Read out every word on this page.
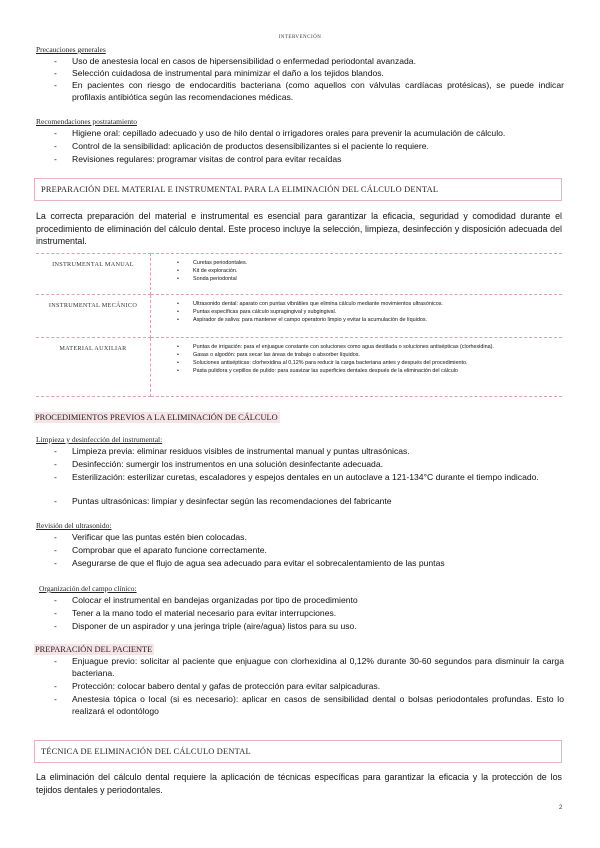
INTERVENCIÓN
Precauciones generales
-	Uso de anestesia local en casos de hipersensibilidad o enfermedad periodontal avanzada.
-	Selección cuidadosa de instrumental para minimizar el daño a los tejidos blandos.
-	En pacientes con riesgo de endocarditis bacteriana (como aquellos con válvulas cardíacas protésicas), se puede indicar profilaxis antibiótica según las recomendaciones médicas.
Recomendaciones postratamiento
-	Higiene oral: cepillado adecuado y uso de hilo dental o irrigadores orales para prevenir la acumulación de cálculo.
-	Control de la sensibilidad: aplicación de productos desensibilizantes si el paciente lo requiere.
-	Revisiones regulares: programar visitas de control para evitar recaídas
PREPARACIÓN DEL MATERIAL E INSTRUMENTAL PARA LA ELIMINACIÓN DEL CÁLCULO DENTAL
La correcta preparación del material e instrumental es esencial para garantizar la eficacia, seguridad y comodidad durante el procedimiento de eliminación del cálculo dental. Este proceso incluye la selección, limpieza, desinfección y disposición adecuada del instrumental.
INSTRUMENTAL MANUAL	• Curetas periodontales.
• Kit de exploración.
• Sonda periodontal

INSTRUMENTAL MECÁNICO	• Ultrasonido dental: aparato con puntas vibrátiles que elimina cálculo mediante movimientos ultrasónicos.
• Puntas específicas para cálculo supragingival y subgingival.
• Aspirador de saliva: para mantener el campo operatorio limpio y evitar la acumulación de líquidos.

MATERIAL AUXILIAR	• Puntas de irrigación: para el enjuague constante con soluciones como agua destilada o soluciones antisépticas (clorhexidina).
• Gasas o algodón: para secar las áreas de trabajo o absorber líquidos.
• Soluciones antisépticas: clorhexidina al 0,12% para reducir la carga bacteriana antes y después del procedimiento.
• Pasta pulidora y cepillos de pulido: para suavizar las superficies dentales después de la eliminación del cálculo
PROCEDIMIENTOS PREVIOS A LA ELIMINACIÓN DE CÁLCULO
Limpieza y desinfección del instrumental:
-	Limpieza previa: eliminar residuos visibles de instrumental manual y puntas ultrasónicas.
-	Desinfección: sumergir los instrumentos en una solución desinfectante adecuada.
-	Esterilización: esterilizar curetas, escaladores y espejos dentales en un autoclave a 121-134°C durante el tiempo indicado.
-	Puntas ultrasónicas: limpiar y desinfectar según las recomendaciones del fabricante
Revisión del ultrasonido:
-	Verificar que las puntas estén bien colocadas.
-	Comprobar que el aparato funcione correctamente.
-	Asegurarse de que el flujo de agua sea adecuado para evitar el sobrecalentamiento de las puntas
Organización del campo clínico:
-	Colocar el instrumental en bandejas organizadas por tipo de procedimiento
-	Tener a la mano todo el material necesario para evitar interrupciones.
-	Disponer de un aspirador y una jeringa triple (aire/agua) listos para su uso.
PREPARACIÓN DEL PACIENTE
-	Enjuague previo: solicitar al paciente que enjuague con clorhexidina al 0,12% durante 30-60 segundos para disminuir la carga bacteriana.
-	Protección: colocar babero dental y gafas de protección para evitar salpicaduras.
-	Anestesia tópica o local (si es necesario): aplicar en casos de sensibilidad dental o bolsas periodontales profundas. Esto lo realizará el odontólogo
TÉCNICA DE ELIMINACIÓN DEL CÁLCULO DENTAL
La eliminación del cálculo dental requiere la aplicación de técnicas específicas para garantizar la eficacia y la protección de los tejidos dentales y periodontales.
2
